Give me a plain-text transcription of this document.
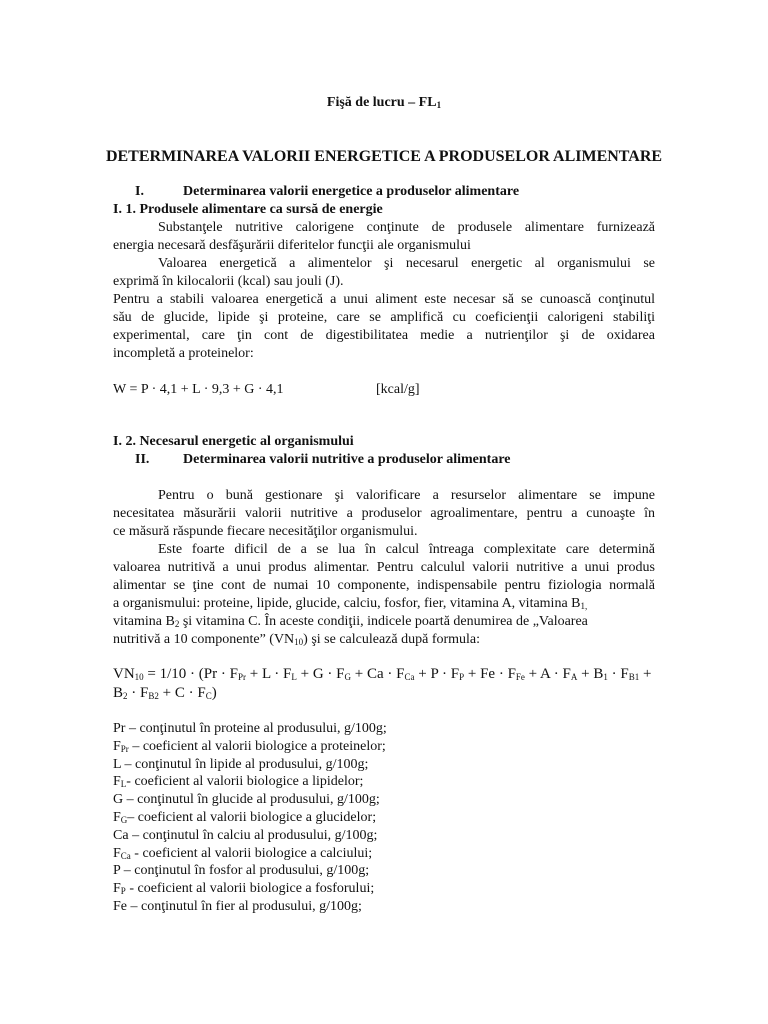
Fişă de lucru – $FL_1$
DETERMINAREA VALORII ENERGETICE A PRODUSELOR ALIMENTARE
I.	Determinarea valorii energetice a produselor alimentare
I. 1. Produsele alimentare ca sursă de energie
Substanţele nutritive calorigene conţinute de produsele alimentare furnizează
energia necesară desfăşurării diferitelor funcţii ale organismului
Valoarea energetică a alimentelor şi necesarul energetic al organismului se
exprimă în kilocalorii (kcal) sau jouli (J).
Pentru a stabili valoarea energetică a unui aliment este necesar să se cunoască conţinutul
său de glucide, lipide şi proteine, care se amplifică cu coeficienţii calorigeni stabiliţi
experimental, care ţin cont de digestibilitatea medie a nutrienţilor şi de oxidarea
incompletă a proteinelor:
W = P · 4,1 + L · 9,3 + G · 4,1	[kcal/g]
I. 2. Necesarul energetic al organismului
II. Determinarea valorii nutritive a produselor alimentare
Pentru o bună gestionare şi valorificare a resurselor alimentare se impune
necesitatea măsurării valorii nutritive a produselor agroalimentare, pentru a cunoaşte în
ce măsură răspunde fiecare necesităţilor organismului.
Este foarte dificil de a se lua în calcul întreaga complexitate care determină
valoarea nutritivă a unui produs alimentar. Pentru calculul valorii nutritive a unui produs
alimentar se ţine cont de numai 10 componente, indispensabile pentru fiziologia normală
a organismului: proteine, lipide, glucide, calciu, fosfor, fier, vitamina A, vitamina $B_{1,}$
vitamina $B_2$ şi vitamina C. În aceste condiţii, indicele poartă denumirea de „Valoarea
nutritivă a 10 componente” $(VN_{10})$ şi se calculează după formula:
$VN_{10} = 1/10 \cdot (Pr \cdot F_{Pr} + L \cdot F_L + G \cdot F_G + Ca \cdot F_{Ca} + P \cdot F_P + Fe \cdot F_{Fe} + A \cdot F_A + B_1 \cdot F_{B1}$ +
$B_2 \cdot F_{B2} + C \cdot F_C$)
Pr – conţinutul în proteine al produsului, g/100g;
$F_{Pr}$ – coeficient al valorii biologice a proteinelor;
L – conţinutul în lipide al produsului, g/100g;
$F_L-$ coeficient al valorii biologice a lipidelor;
G – conţinutul în glucide al produsului, g/100g;
$F_G-$ coeficient al valorii biologice a glucidelor;
Ca – conţinutul în calciu al produsului, g/100g;
$F_{Ca}$ - coeficient al valorii biologice a calciului;
P – conţinutul în fosfor al produsului, g/100g;
$F_P$ - coeficient al valorii biologice a fosforului;
Fe – conţinutul în fier al produsului, g/100g;
